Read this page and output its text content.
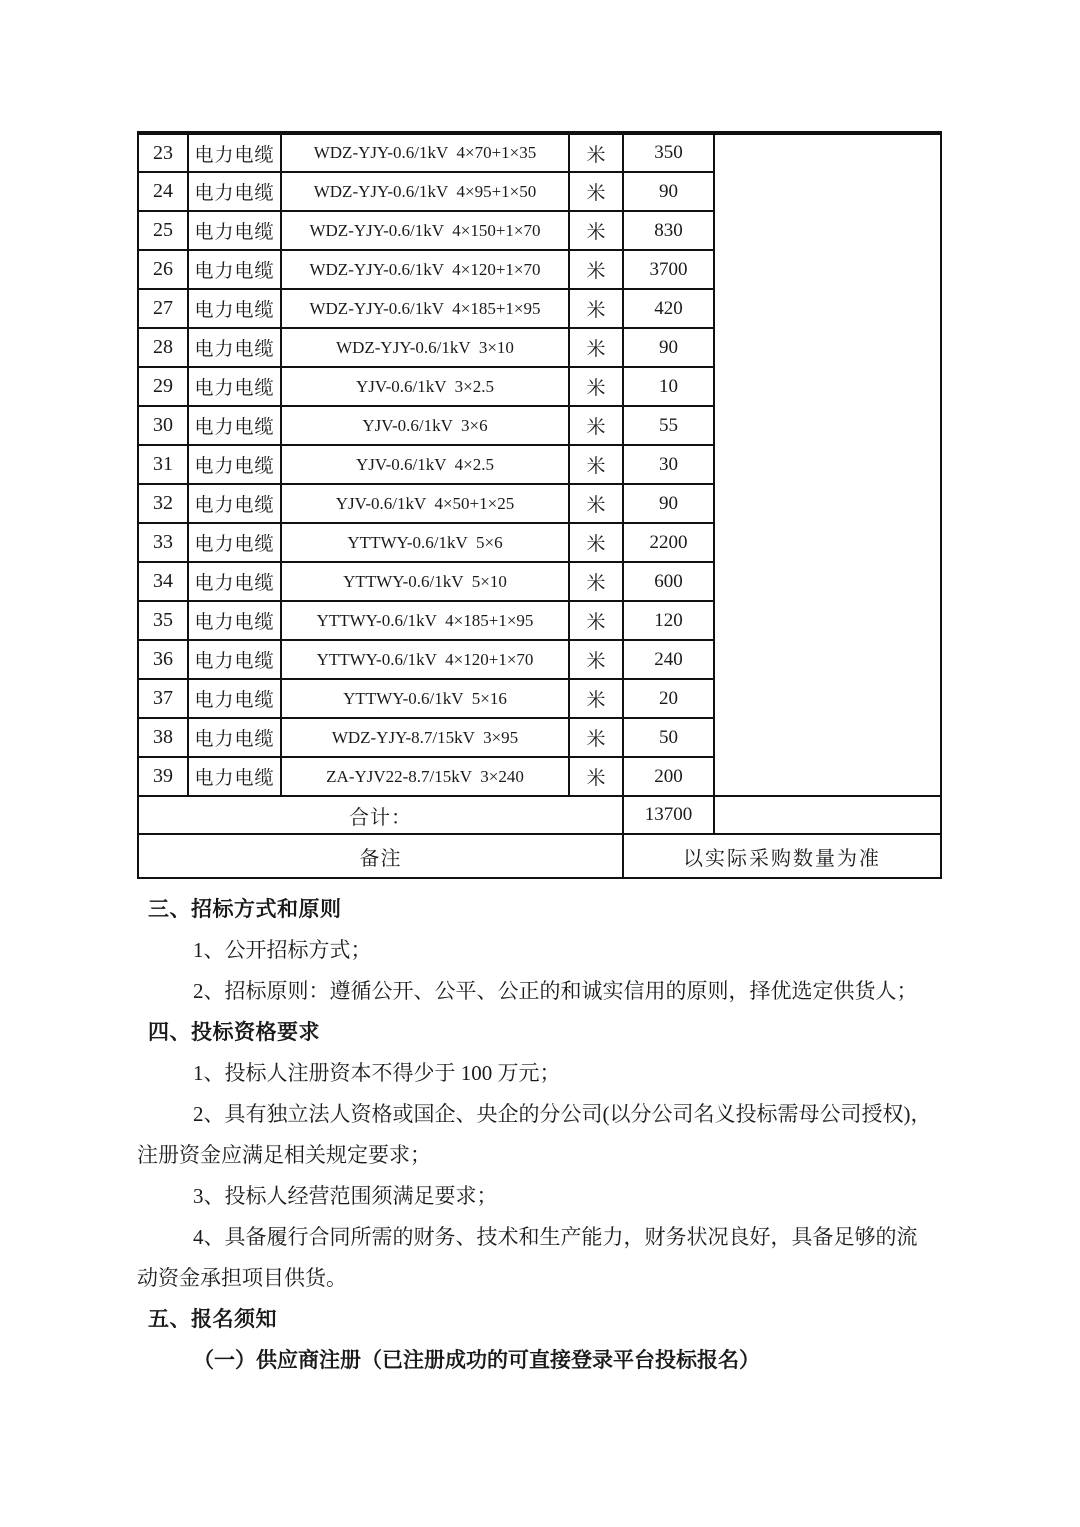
23	电力电缆	WDZ-YJY-0.6/1kV  4×70+1×35	米	350	
24	电力电缆	WDZ-YJY-0.6/1kV  4×95+1×50	米	90	
25	电力电缆	WDZ-YJY-0.6/1kV  4×150+1×70	米	830	
26	电力电缆	WDZ-YJY-0.6/1kV  4×120+1×70	米	3700	
27	电力电缆	WDZ-YJY-0.6/1kV  4×185+1×95	米	420	
28	电力电缆	WDZ-YJY-0.6/1kV  3×10	米	90	
29	电力电缆	YJV-0.6/1kV  3×2.5	米	10	
30	电力电缆	YJV-0.6/1kV  3×6	米	55	
31	电力电缆	YJV-0.6/1kV  4×2.5	米	30	
32	电力电缆	YJV-0.6/1kV  4×50+1×25	米	90	
33	电力电缆	YTTWY-0.6/1kV  5×6	米	2200	
34	电力电缆	YTTWY-0.6/1kV  5×10	米	600	
35	电力电缆	YTTWY-0.6/1kV  4×185+1×95	米	120	
36	电力电缆	YTTWY-0.6/1kV  4×120+1×70	米	240	
37	电力电缆	YTTWY-0.6/1kV  5×16	米	20	
38	电力电缆	WDZ-YJY-8.7/15kV  3×95	米	50	
39	电力电缆	ZA-YJV22-8.7/15kV  3×240	米	200	
合计：				13700	
备注				以实际采购数量为准	

三、招标方式和原则

1、公开招标方式；

2、招标原则：遵循公开、公平、公正的和诚实信用的原则，择优选定供货人；

四、投标资格要求

1、投标人注册资本不得少于 100 万元；

2、具有独立法人资格或国企、央企的分公司(以分公司名义投标需母公司授权)，

注册资金应满足相关规定要求；

3、投标人经营范围须满足要求；

4、具备履行合同所需的财务、技术和生产能力，财务状况良好，具备足够的流

动资金承担项目供货。

五、报名须知

（一）供应商注册（已注册成功的可直接登录平台投标报名）
